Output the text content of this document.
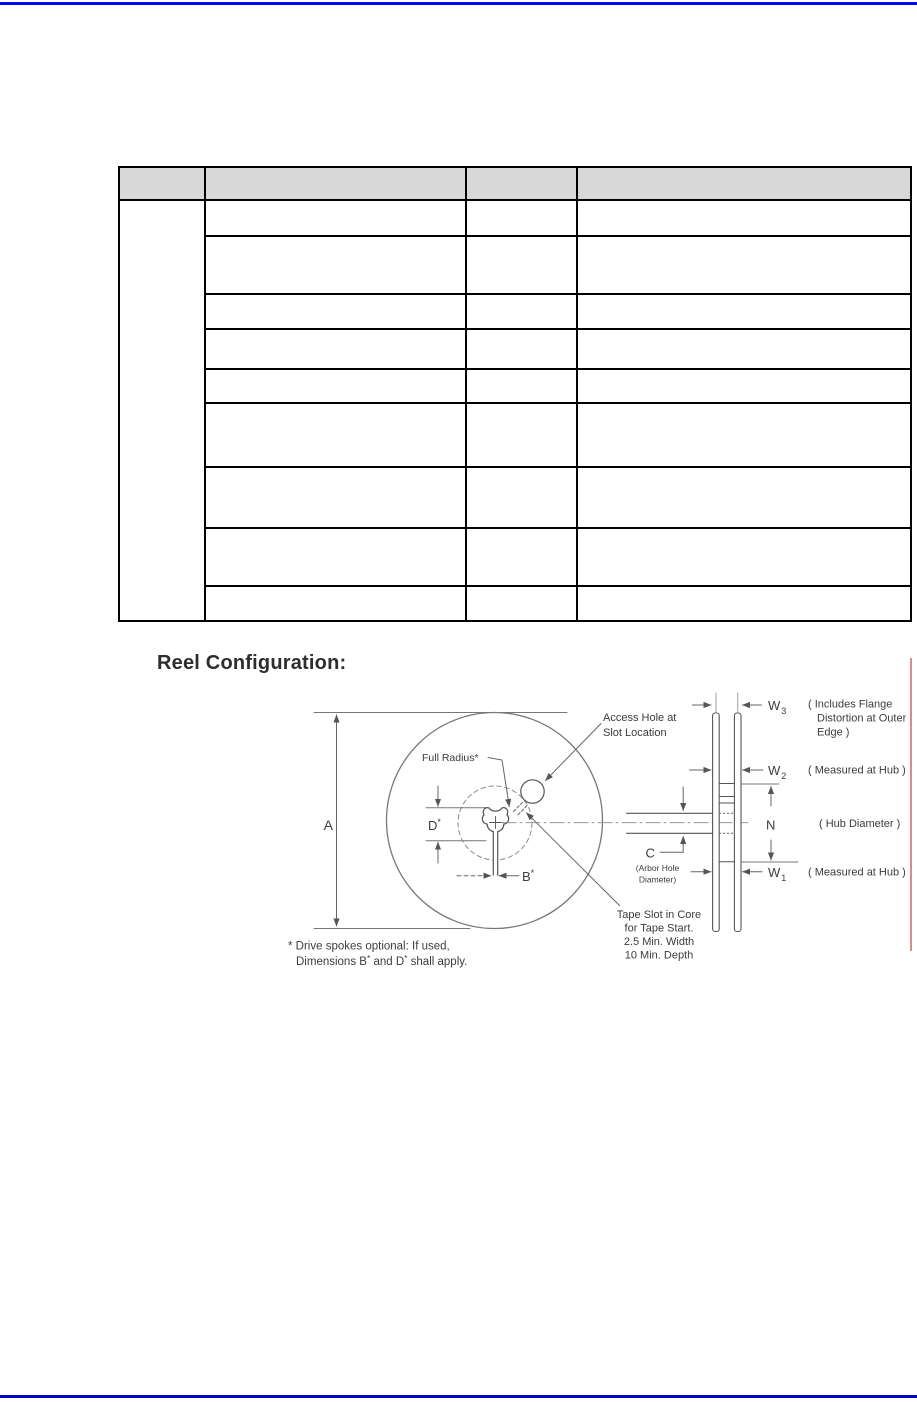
Reel Configuration:
A	D*
B*
Full Radius*
Access Hole at
Slot Location
Tape Slot in Core
for Tape Start.
2.5 Min. Width
10 Min. Depth
$W_3$
( Includes Flange
Distortion at Outer
Edge )
$W_2$ ( Measured at Hub )
N	( Hub Diameter )
C
(Arbor Hole
Diameter)	$W_1$ ( Measured at Hub )
* Drive spokes optional: If used,
Dimensions B* and D* shall apply.
